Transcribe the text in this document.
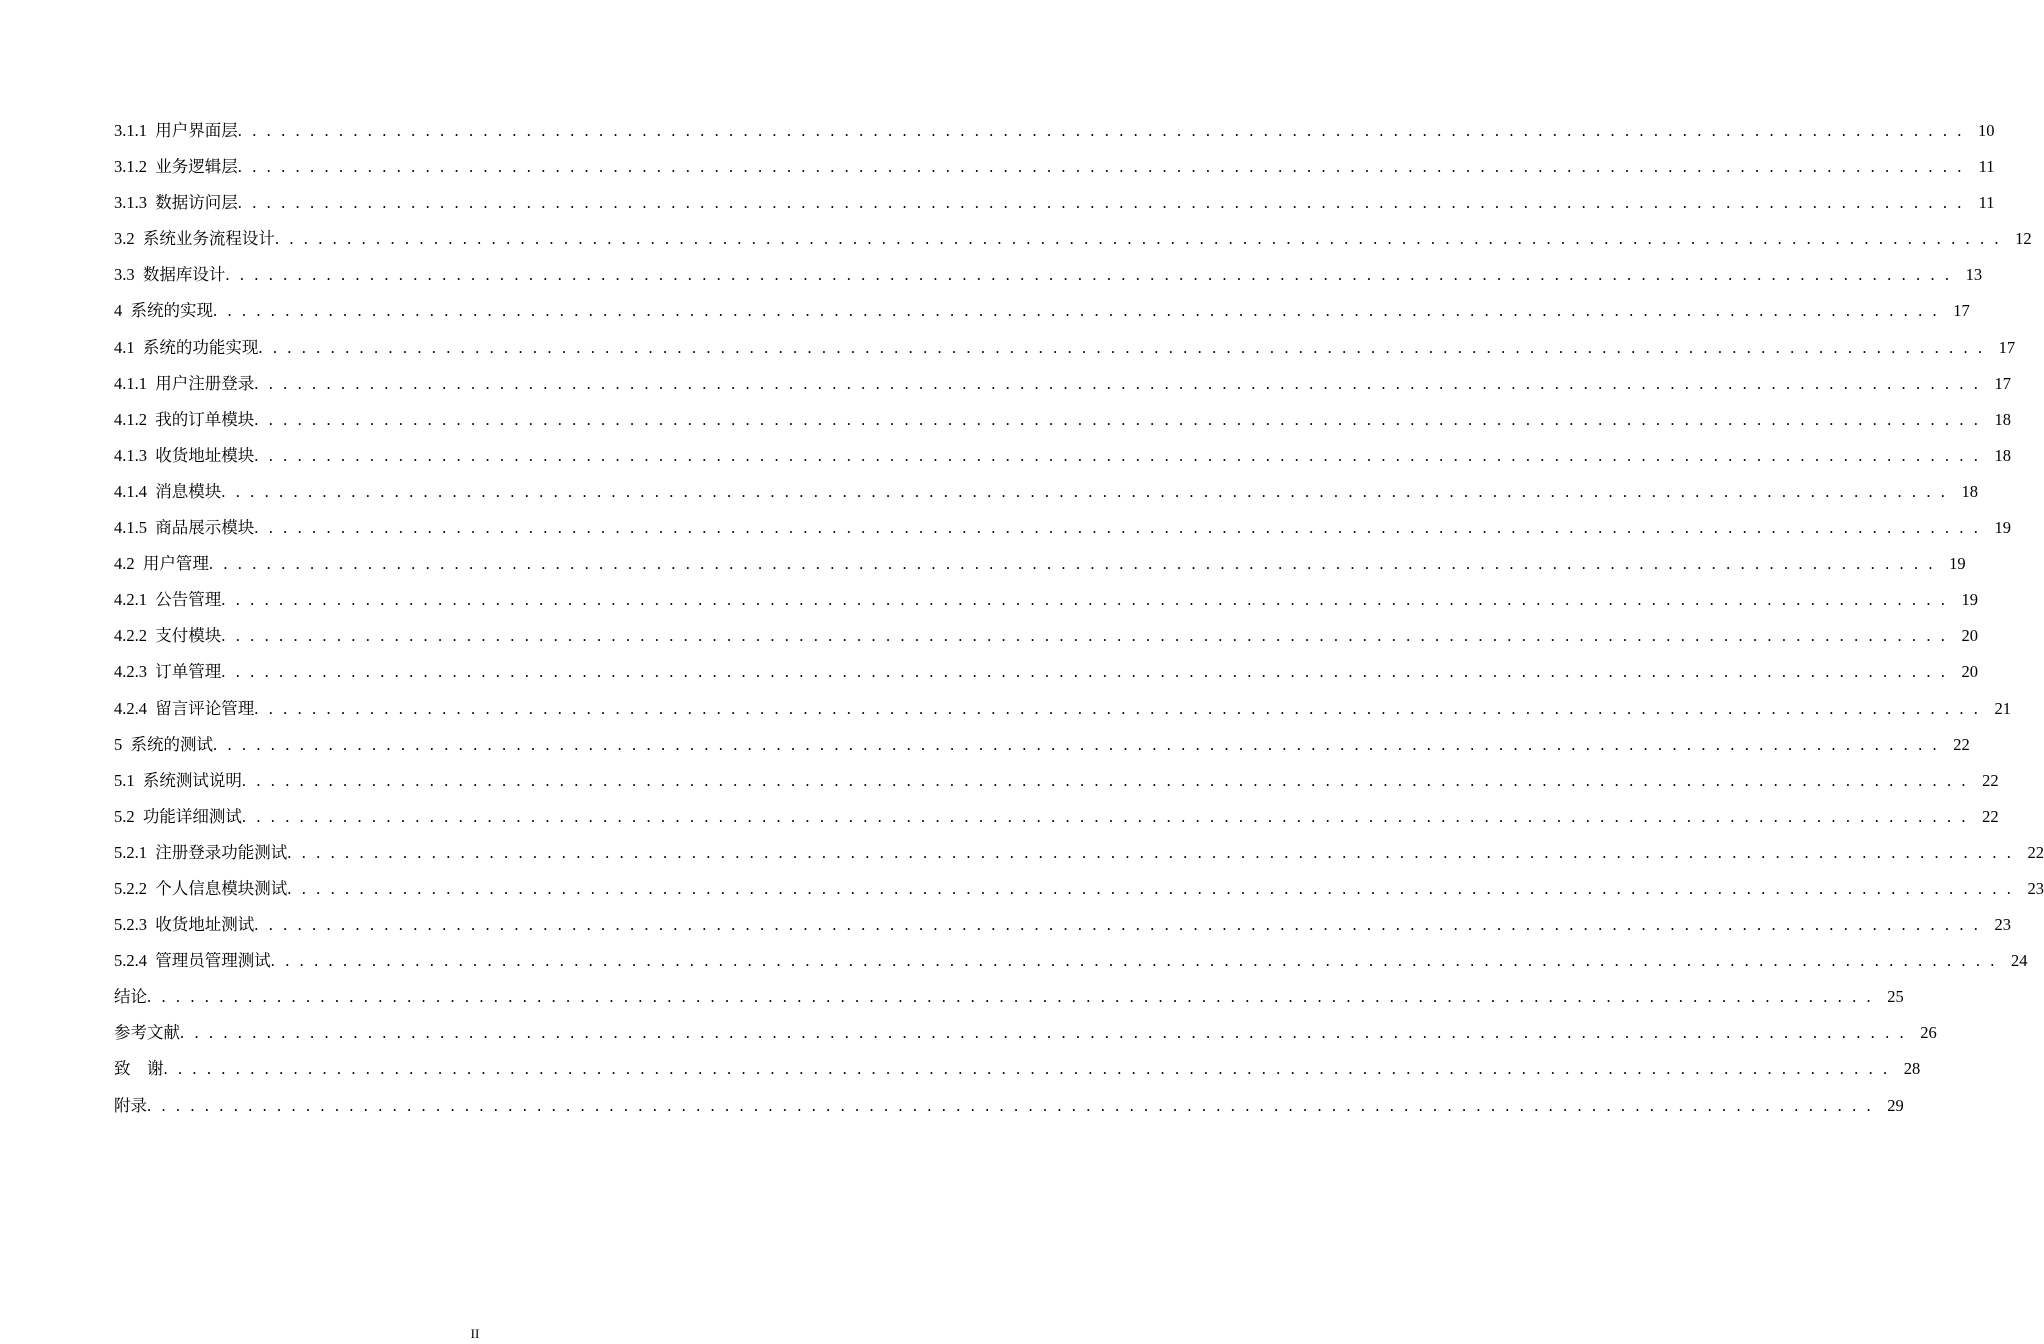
3.1.1  用户界面层 . . . . . . . . . . . . . . . . . . . . . . . . . . . . . . . . . . . . . . . . . . . . . . . . . . . . . . . . . . . . . . . . . . . . . . . . . . . . . . . . . . . . . . . . . . . . . . . . . . . . . . . . . . . . . . . . . . . . . . . . 10
3.1.2  业务逻辑层 . . . . . . . . . . . . . . . . . . . . . . . . . . . . . . . . . . . . . . . . . . . . . . . . . . . . . . . . . . . . . . . . . . . . . . . . . . . . . . . . . . . . . . . . . . . . . . . . . . . . . . . . . . . . . . . . . . . . . . . . 11
3.1.3  数据访问层 . . . . . . . . . . . . . . . . . . . . . . . . . . . . . . . . . . . . . . . . . . . . . . . . . . . . . . . . . . . . . . . . . . . . . . . . . . . . . . . . . . . . . . . . . . . . . . . . . . . . . . . . . . . . . . . . . . . . . . . . 11
3.2  系统业务流程设计 . . . . . . . . . . . . . . . . . . . . . . . . . . . . . . . . . . . . . . . . . . . . . . . . . . . . . . . . . . . . . . . . . . . . . . . . . . . . . . . . . . . . . . . . . . . . . . . . . . . . . . . . . . . . . . . . . . . . . . . . 12
3.3  数据库设计 . . . . . . . . . . . . . . . . . . . . . . . . . . . . . . . . . . . . . . . . . . . . . . . . . . . . . . . . . . . . . . . . . . . . . . . . . . . . . . . . . . . . . . . . . . . . . . . . . . . . . . . . . . . . . . . . . . . . . . . . 13
4  系统的实现 . . . . . . . . . . . . . . . . . . . . . . . . . . . . . . . . . . . . . . . . . . . . . . . . . . . . . . . . . . . . . . . . . . . . . . . . . . . . . . . . . . . . . . . . . . . . . . . . . . . . . . . . . . . . . . . . . . . . . . . . 17
4.1  系统的功能实现 . . . . . . . . . . . . . . . . . . . . . . . . . . . . . . . . . . . . . . . . . . . . . . . . . . . . . . . . . . . . . . . . . . . . . . . . . . . . . . . . . . . . . . . . . . . . . . . . . . . . . . . . . . . . . . . . . . . . . . . . 17
4.1.1  用户注册登录 . . . . . . . . . . . . . . . . . . . . . . . . . . . . . . . . . . . . . . . . . . . . . . . . . . . . . . . . . . . . . . . . . . . . . . . . . . . . . . . . . . . . . . . . . . . . . . . . . . . . . . . . . . . . . . . . . . . . . . . . 17
4.1.2  我的订单模块 . . . . . . . . . . . . . . . . . . . . . . . . . . . . . . . . . . . . . . . . . . . . . . . . . . . . . . . . . . . . . . . . . . . . . . . . . . . . . . . . . . . . . . . . . . . . . . . . . . . . . . . . . . . . . . . . . . . . . . . . 18
4.1.3  收货地址模块 . . . . . . . . . . . . . . . . . . . . . . . . . . . . . . . . . . . . . . . . . . . . . . . . . . . . . . . . . . . . . . . . . . . . . . . . . . . . . . . . . . . . . . . . . . . . . . . . . . . . . . . . . . . . . . . . . . . . . . . . 18
4.1.4  消息模块 . . . . . . . . . . . . . . . . . . . . . . . . . . . . . . . . . . . . . . . . . . . . . . . . . . . . . . . . . . . . . . . . . . . . . . . . . . . . . . . . . . . . . . . . . . . . . . . . . . . . . . . . . . . . . . . . . . . . . . . . 18
4.1.5  商品展示模块 . . . . . . . . . . . . . . . . . . . . . . . . . . . . . . . . . . . . . . . . . . . . . . . . . . . . . . . . . . . . . . . . . . . . . . . . . . . . . . . . . . . . . . . . . . . . . . . . . . . . . . . . . . . . . . . . . . . . . . . . 19
4.2  用户管理 . . . . . . . . . . . . . . . . . . . . . . . . . . . . . . . . . . . . . . . . . . . . . . . . . . . . . . . . . . . . . . . . . . . . . . . . . . . . . . . . . . . . . . . . . . . . . . . . . . . . . . . . . . . . . . . . . . . . . . . . 19
4.2.1  公告管理 . . . . . . . . . . . . . . . . . . . . . . . . . . . . . . . . . . . . . . . . . . . . . . . . . . . . . . . . . . . . . . . . . . . . . . . . . . . . . . . . . . . . . . . . . . . . . . . . . . . . . . . . . . . . . . . . . . . . . . . . 19
4.2.2  支付模块 . . . . . . . . . . . . . . . . . . . . . . . . . . . . . . . . . . . . . . . . . . . . . . . . . . . . . . . . . . . . . . . . . . . . . . . . . . . . . . . . . . . . . . . . . . . . . . . . . . . . . . . . . . . . . . . . . . . . . . . . 20
4.2.3  订单管理 . . . . . . . . . . . . . . . . . . . . . . . . . . . . . . . . . . . . . . . . . . . . . . . . . . . . . . . . . . . . . . . . . . . . . . . . . . . . . . . . . . . . . . . . . . . . . . . . . . . . . . . . . . . . . . . . . . . . . . . . 20
4.2.4  留言评论管理 . . . . . . . . . . . . . . . . . . . . . . . . . . . . . . . . . . . . . . . . . . . . . . . . . . . . . . . . . . . . . . . . . . . . . . . . . . . . . . . . . . . . . . . . . . . . . . . . . . . . . . . . . . . . . . . . . . . . . . . . 21
5  系统的测试 . . . . . . . . . . . . . . . . . . . . . . . . . . . . . . . . . . . . . . . . . . . . . . . . . . . . . . . . . . . . . . . . . . . . . . . . . . . . . . . . . . . . . . . . . . . . . . . . . . . . . . . . . . . . . . . . . . . . . . . . 22
5.1  系统测试说明 . . . . . . . . . . . . . . . . . . . . . . . . . . . . . . . . . . . . . . . . . . . . . . . . . . . . . . . . . . . . . . . . . . . . . . . . . . . . . . . . . . . . . . . . . . . . . . . . . . . . . . . . . . . . . . . . . . . . . . . . 22
5.2  功能详细测试 . . . . . . . . . . . . . . . . . . . . . . . . . . . . . . . . . . . . . . . . . . . . . . . . . . . . . . . . . . . . . . . . . . . . . . . . . . . . . . . . . . . . . . . . . . . . . . . . . . . . . . . . . . . . . . . . . . . . . . . . 22
5.2.1  注册登录功能测试 . . . . . . . . . . . . . . . . . . . . . . . . . . . . . . . . . . . . . . . . . . . . . . . . . . . . . . . . . . . . . . . . . . . . . . . . . . . . . . . . . . . . . . . . . . . . . . . . . . . . . . . . . . . . . . . . . . . . . . . . 22
5.2.2  个人信息模块测试 . . . . . . . . . . . . . . . . . . . . . . . . . . . . . . . . . . . . . . . . . . . . . . . . . . . . . . . . . . . . . . . . . . . . . . . . . . . . . . . . . . . . . . . . . . . . . . . . . . . . . . . . . . . . . . . . . . . . . . . . 23
5.2.3  收货地址测试 . . . . . . . . . . . . . . . . . . . . . . . . . . . . . . . . . . . . . . . . . . . . . . . . . . . . . . . . . . . . . . . . . . . . . . . . . . . . . . . . . . . . . . . . . . . . . . . . . . . . . . . . . . . . . . . . . . . . . . . . 23
5.2.4  管理员管理测试 . . . . . . . . . . . . . . . . . . . . . . . . . . . . . . . . . . . . . . . . . . . . . . . . . . . . . . . . . . . . . . . . . . . . . . . . . . . . . . . . . . . . . . . . . . . . . . . . . . . . . . . . . . . . . . . . . . . . . . . . 24
结论 . . . . . . . . . . . . . . . . . . . . . . . . . . . . . . . . . . . . . . . . . . . . . . . . . . . . . . . . . . . . . . . . . . . . . . . . . . . . . . . . . . . . . . . . . . . . . . . . . . . . . . . . . . . . . . . . . . . . . . . . 25
参考文献 . . . . . . . . . . . . . . . . . . . . . . . . . . . . . . . . . . . . . . . . . . . . . . . . . . . . . . . . . . . . . . . . . . . . . . . . . . . . . . . . . . . . . . . . . . . . . . . . . . . . . . . . . . . . . . . . . . . . . . . . 26
致    谢 . . . . . . . . . . . . . . . . . . . . . . . . . . . . . . . . . . . . . . . . . . . . . . . . . . . . . . . . . . . . . . . . . . . . . . . . . . . . . . . . . . . . . . . . . . . . . . . . . . . . . . . . . . . . . . . . . . . . . . . . 28
附录 . . . . . . . . . . . . . . . . . . . . . . . . . . . . . . . . . . . . . . . . . . . . . . . . . . . . . . . . . . . . . . . . . . . . . . . . . . . . . . . . . . . . . . . . . . . . . . . . . . . . . . . . . . . . . . . . . . . . . . . . 29
II
